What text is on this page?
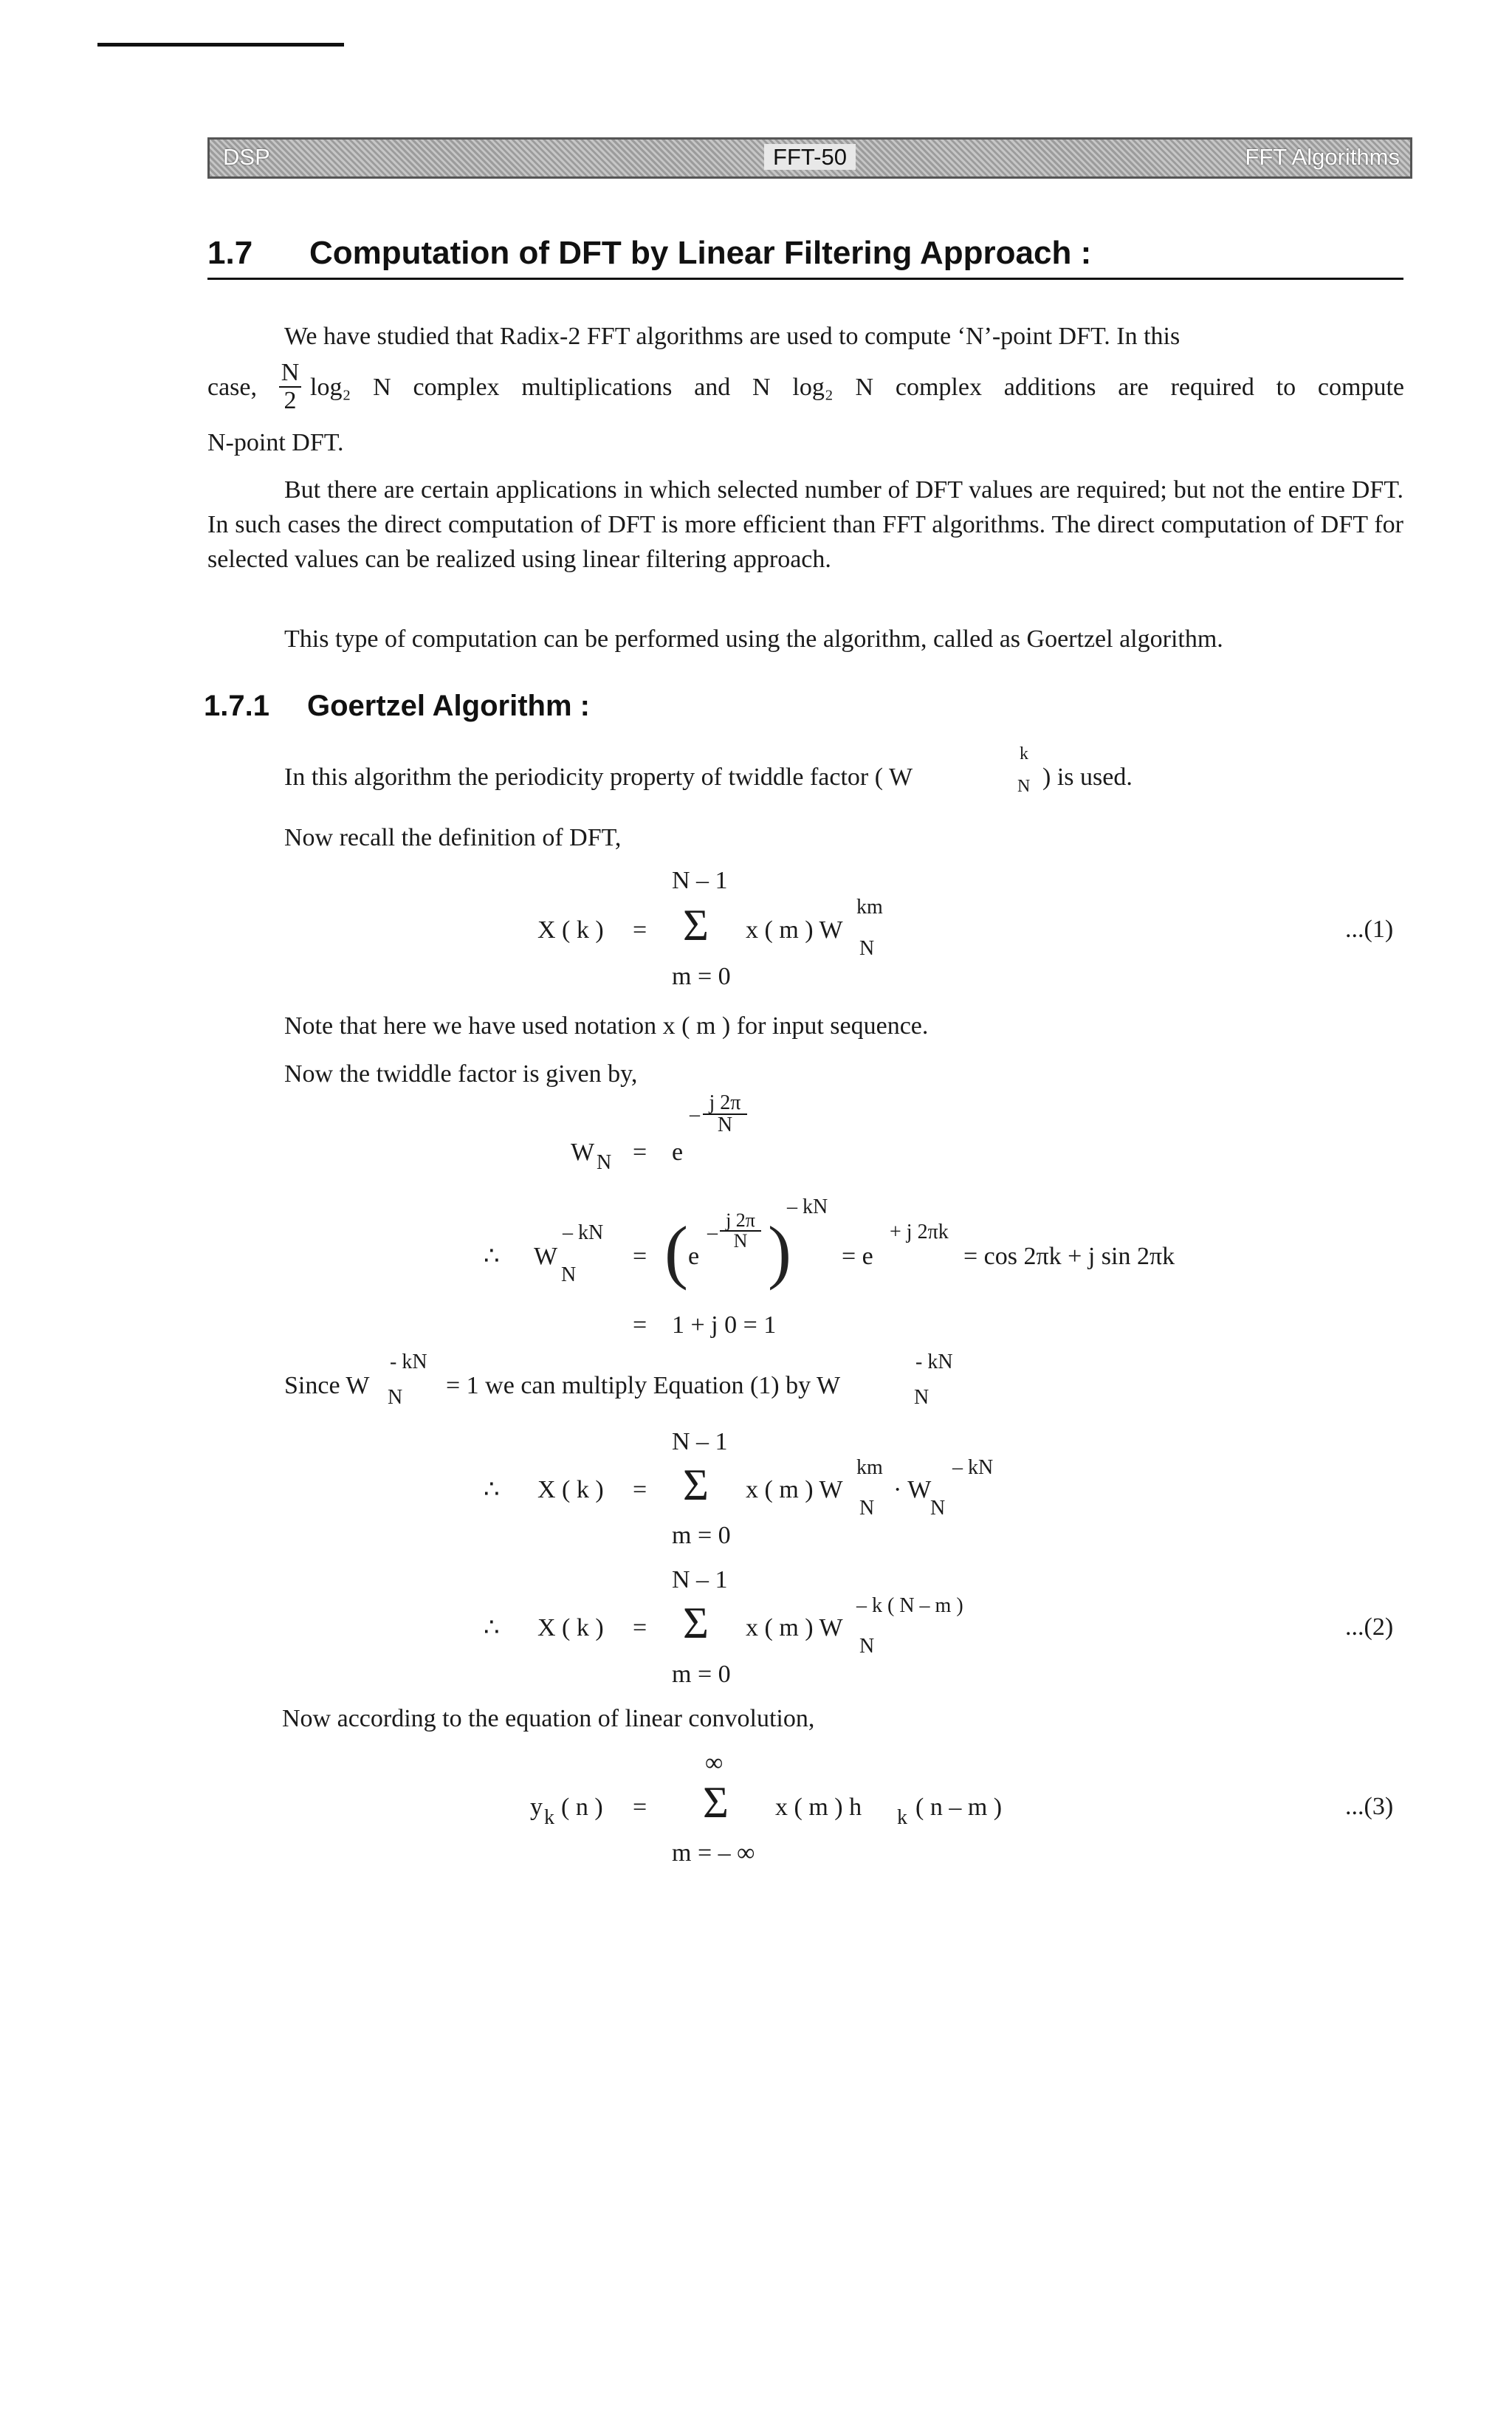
DSP	FFT-50	FFT Algorithms
1.7 Computation of DFT by Linear Filtering Approach :
We have studied that Radix-2 FFT algorithms are used to compute ‘N’-point DFT. In this
case, $\frac{N}{2} \log_2$ N complex multiplications and N log₂ N complex additions are required to compute
N-point DFT.
But there are certain applications in which selected number of DFT values are required; but not the entire DFT. In such cases the direct computation of DFT is more efficient than FFT algorithms. The direct computation of DFT for selected values can be realized using linear filtering approach.
This type of computation can be performed using the algorithm, called as Goertzel algorithm.
1.7.1 Goertzel Algorithm :
In this algorithm the periodicity property of twiddle factor ( W
k
N ) is used.
Now recall the definition of DFT,
N – 1
X ( k ) = Σ x ( m ) W
km
N
m = 0
...(1)
Note that here we have used notation x ( m ) for input sequence.
Now the twiddle factor is given by,
W N = e
– $\frac{j 2\pi}{N}$
∴ W
– kN
N
= ( e
– $\frac{j 2\pi}{N}$ )
– kN
= e
+ j 2πk
= cos 2πk + j sin 2πk
= 1 + j 0 = 1
Since W
- kN
N = 1 we can multiply Equation (1) by W
- kN
N
N – 1
∴ X ( k ) = Σ x ( m ) W
km
N
· W
– kN
N
m = 0
N – 1
∴ X ( k ) = Σ x ( m ) W
– k ( N – m )
N
m = 0
...(2)
Now according to the equation of linear convolution,
∞
y k ( n ) = Σ x ( m ) h k ( n – m )
m = – ∞
...(3)
